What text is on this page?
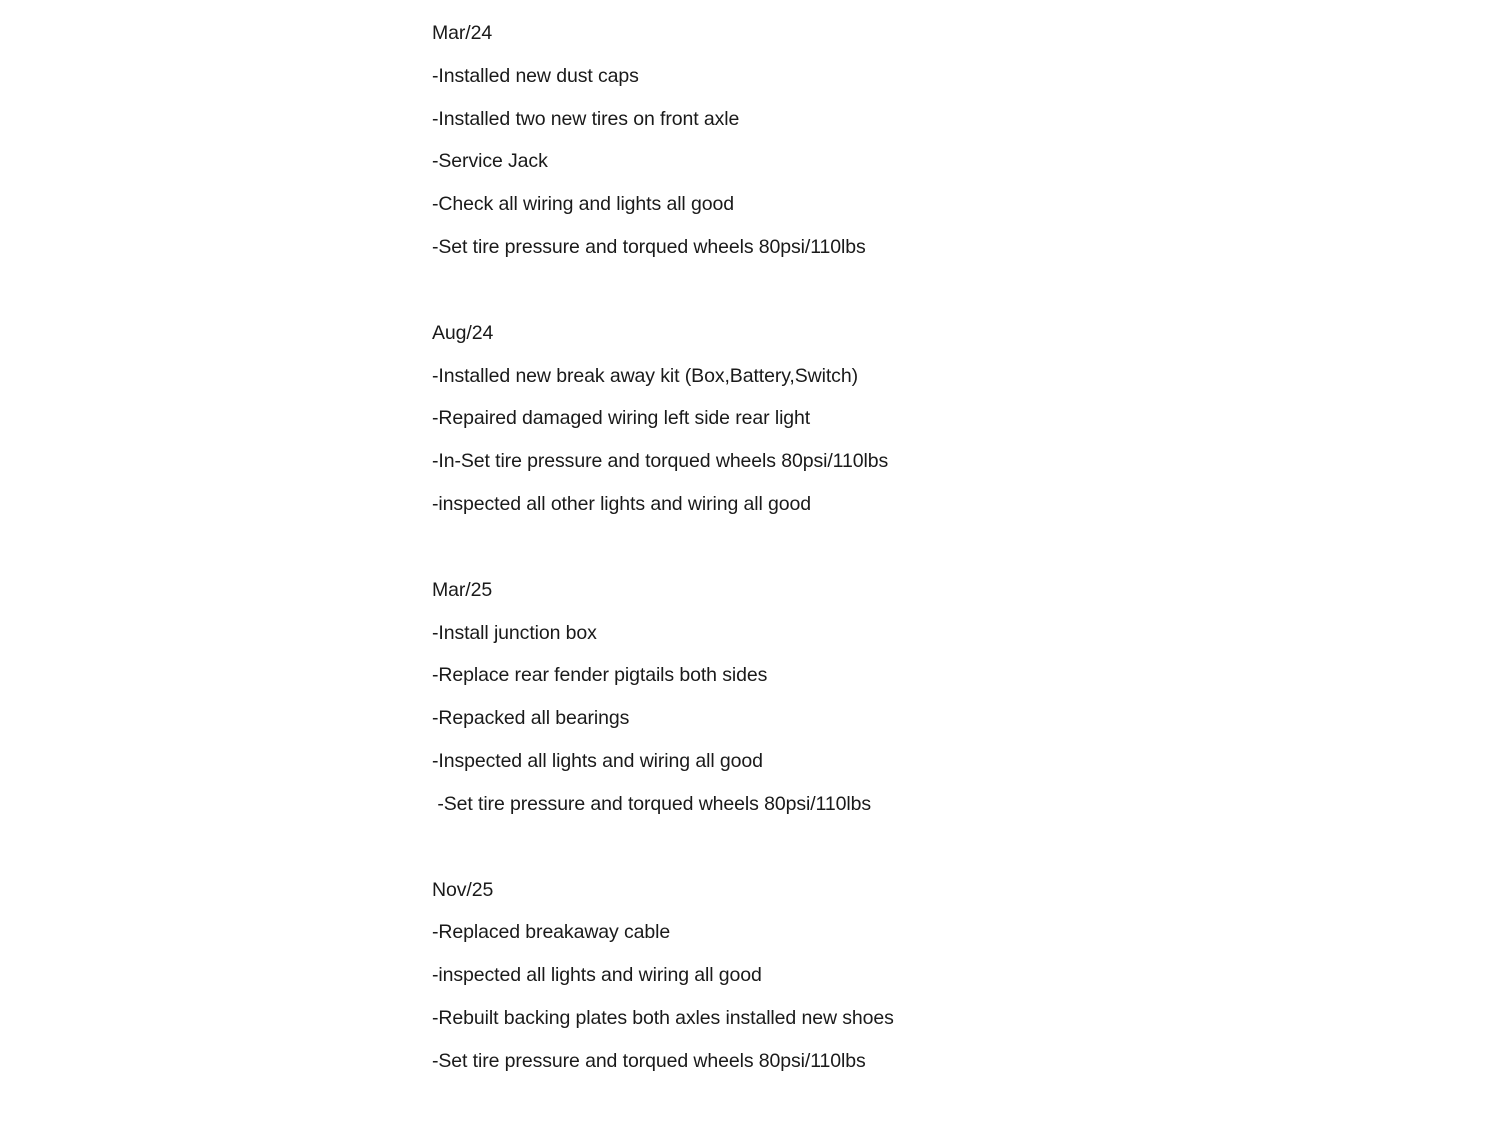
Mar/24
-Installed new dust caps
-Installed two new tires on front axle
-Service Jack
-Check all wiring and lights all good
-Set tire pressure and torqued wheels 80psi/110lbs
Aug/24
-Installed new break away kit (Box,Battery,Switch)
-Repaired damaged wiring left side rear light
-In-Set tire pressure and torqued wheels 80psi/110lbs
-inspected all other lights and wiring all good
Mar/25
-Install junction box
-Replace rear fender pigtails both sides
-Repacked all bearings
-Inspected all lights and wiring all good
-Set tire pressure and torqued wheels 80psi/110lbs
Nov/25
-Replaced breakaway cable
-inspected all lights and wiring all good
-Rebuilt backing plates both axles installed new shoes
-Set tire pressure and torqued wheels 80psi/110lbs
